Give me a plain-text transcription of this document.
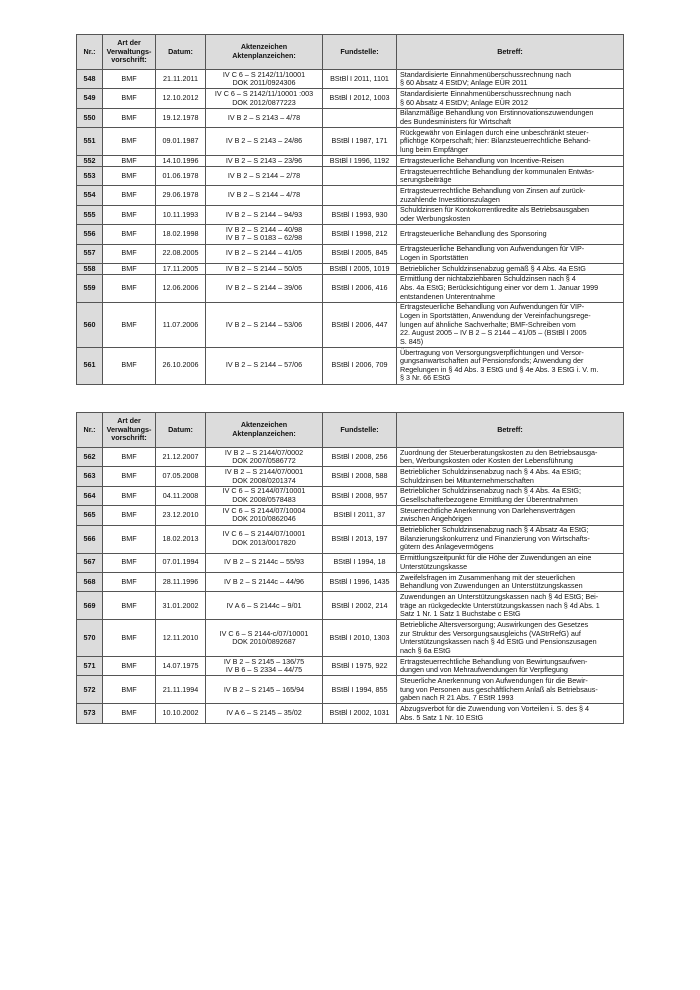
Nr.:	Art der Verwaltungs-vorschrift:	Datum:	Aktenzeichen Aktenplanzeichen:	Fundstelle:	Betreff:
548	BMF	21.11.2011	IV C 6 – S 2142/11/10001
DOK 2011/0924306	BStBl I 2011, 1101	Standardisierte Einnahmenüberschussrechnung nach
§ 60 Absatz 4 EStDV; Anlage EÜR 2011
549	BMF	12.10.2012	IV C 6 – S 2142/11/10001 :003
DOK 2012/0877223	BStBl I 2012, 1003	Standardisierte Einnahmenüberschussrechnung nach
§ 60 Absatz 4 EStDV; Anlage EÜR 2012
550	BMF	19.12.1978	IV B 2 – S 2143 – 4/78		Bilanzmäßige Behandlung von Erstinnovationszuwendungen
des Bundesministers für Wirtschaft
551	BMF	09.01.1987	IV B 2 – S 2143 – 24/86	BStBl I 1987, 171	Rückgewähr von Einlagen durch eine unbeschränkt steuer-
pflichtige Körperschaft; hier: Bilanzsteuerrechtliche Behand-
lung beim Empfänger
552	BMF	14.10.1996	IV B 2 – S 2143 – 23/96	BStBl I 1996, 1192	Ertragsteuerliche Behandlung von Incentive-Reisen
553	BMF	01.06.1978	IV B 2 – S 2144 – 2/78		Ertragsteuerrechtliche Behandlung der kommunalen Entwäs-
serungsbeiträge
554	BMF	29.06.1978	IV B 2 – S 2144 – 4/78		Ertragsteuerrechtliche Behandlung von Zinsen auf zurück-
zuzahlende Investitionszulagen
555	BMF	10.11.1993	IV B 2 – S 2144 – 94/93	BStBl I 1993, 930	Schuldzinsen für Kontokorrentkredite als Betriebsausgaben
oder Werbungskosten
556	BMF	18.02.1998	IV B 2 – S 2144 – 40/98
IV B 7 – S 0183 – 62/98	BStBl I 1998, 212	Ertragsteuerliche Behandlung des Sponsoring
557	BMF	22.08.2005	IV B 2 – S 2144 – 41/05	BStBl I 2005, 845	Ertragsteuerliche Behandlung von Aufwendungen für VIP-
Logen in Sportstätten
558	BMF	17.11.2005	IV B 2 – S 2144 – 50/05	BStBl I 2005, 1019	Betrieblicher Schuldzinsenabzug gemäß § 4 Abs. 4a EStG
559	BMF	12.06.2006	IV B 2 – S 2144 – 39/06	BStBl I 2006, 416	Ermittlung der nichtabziehbaren Schuldzinsen nach § 4
Abs. 4a EStG; Berücksichtigung einer vor dem 1. Januar 1999
entstandenen Unterentnahme
560	BMF	11.07.2006	IV B 2 – S 2144 – 53/06	BStBl I 2006, 447	Ertragsteuerliche Behandlung von Aufwendungen für VIP-
Logen in Sportstätten, Anwendung der Vereinfachungsrege-
lungen auf ähnliche Sachverhalte; BMF-Schreiben vom
22. August 2005 – IV B 2 – S 2144 – 41/05 – (BStBl I 2005
S. 845)
561	BMF	26.10.2006	IV B 2 – S 2144 – 57/06	BStBl I 2006, 709	Übertragung von Versorgungsverpflichtungen und Versor-
gungsanwartschaften auf Pensionsfonds; Anwendung der
Regelungen in § 4d Abs. 3 EStG und § 4e Abs. 3 EStG i. V. m.
§ 3 Nr. 66 EStG
Nr.:	Art der Verwaltungs-vorschrift:	Datum:	Aktenzeichen Aktenplanzeichen:	Fundstelle:	Betreff:
562	BMF	21.12.2007	IV B 2 – S 2144/07/0002
DOK 2007/0586772	BStBl I 2008, 256	Zuordnung der Steuerberatungskosten zu den Betriebsausga-
ben, Werbungskosten oder Kosten der Lebensführung
563	BMF	07.05.2008	IV B 2 – S 2144/07/0001
DOK 2008/0201374	BStBl I 2008, 588	Betrieblicher Schuldzinsenabzug nach § 4 Abs. 4a EStG;
Schuldzinsen bei Mitunternehmerschaften
564	BMF	04.11.2008	IV C 6 – S 2144/07/10001
DOK 2008/0578483	BStBl I 2008, 957	Betrieblicher Schuldzinsenabzug nach § 4 Abs. 4a EStG;
Gesellschafterbezogene Ermittlung der Überentnahmen
565	BMF	23.12.2010	IV C 6 – S 2144/07/10004
DOK 2010/0862046	BStBl I 2011, 37	Steuerrechtliche Anerkennung von Darlehensverträgen
zwischen Angehörigen
566	BMF	18.02.2013	IV C 6 – S 2144/07/10001
DOK 2013/0017820	BStBl I 2013, 197	Betrieblicher Schuldzinsenabzug nach § 4 Absatz 4a EStG;
Bilanzierungskonkurrenz und Finanzierung von Wirtschafts-
gütern des Anlagevermögens
567	BMF	07.01.1994	IV B 2 – S 2144c – 55/93	BStBl I 1994, 18	Ermittlungszeitpunkt für die Höhe der Zuwendungen an eine
Unterstützungskasse
568	BMF	28.11.1996	IV B 2 – S 2144c – 44/96	BStBl I 1996, 1435	Zweifelsfragen im Zusammenhang mit der steuerlichen
Behandlung von Zuwendungen an Unterstützungskassen
569	BMF	31.01.2002	IV A 6 – S 2144c – 9/01	BStBl I 2002, 214	Zuwendungen an Unterstützungskassen nach § 4d EStG; Bei-
träge an rückgedeckte Unterstützungskassen nach § 4d Abs. 1
Satz 1 Nr. 1 Satz 1 Buchstabe c EStG
570	BMF	12.11.2010	IV C 6 – S 2144-c/07/10001
DOK 2010/0892687	BStBl I 2010, 1303	Betriebliche Altersversorgung; Auswirkungen des Gesetzes
zur Struktur des Versorgungsausgleichs (VAStrRefG) auf
Unterstützungskassen nach § 4d EStG und Pensionszusagen
nach § 6a EStG
571	BMF	14.07.1975	IV B 2 – S 2145 – 136/75
IV B 6 – S 2334 – 44/75	BStBl I 1975, 922	Ertragsteuerrechtliche Behandlung von Bewirtungsaufwen-
dungen und von Mehraufwendungen für Verpflegung
572	BMF	21.11.1994	IV B 2 – S 2145 – 165/94	BStBl I 1994, 855	Steuerliche Anerkennung von Aufwendungen für die Bewir-
tung von Personen aus geschäftlichem Anlaß als Betriebsaus-
gaben nach R 21 Abs. 7 EStR 1993
573	BMF	10.10.2002	IV A 6 – S 2145 – 35/02	BStBl I 2002, 1031	Abzugsverbot für die Zuwendung von Vorteilen i. S. des § 4
Abs. 5 Satz 1 Nr. 10 EStG
